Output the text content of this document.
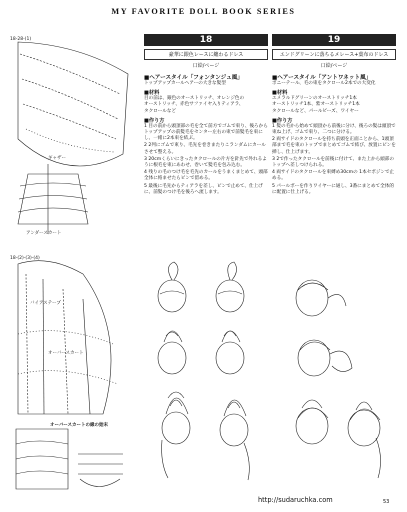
MY FAVORITE DOLL BOOK SERIES
18-28-(1)
18-(2)-(3)-(4)
ギャザー
アンダースカート
バイアステープ
オーバースカート
オーバースカートの縁の始末
18
豪華に銀色レースに纏わるドレス
口絵/ページ
■ヘアースタイル「フォンタンジュ風」
トップアップカールヘアーの大きな髪型
■材料
目の前は、銀色のオーストリッチ、オレンジ色の
オーストリッチ、赤色サファイヤ入りティアラ、
タクロールなど
■作り方
1 目の前から頭頂部の毛を全て前方でゴムで束り、後ろからトップアップの前髪毛をセンター左右の束で前髪毛を束にし、一緒に2本束を結ぶ。
2 2列にゴムで束り、毛先を巻きまたりこランダムにカールさせて整える。
3 20cmくらいにきったタクロールの片方を針先で外れるように根毛を束にあわせ、巻いて髪毛を包み込む。
4 残りの毛のつけ毛を毛先のカールをうまくまとめて、頭部全体に絡ませたらピンで留める。
5 最後に毛先からティアラを差し、ピンで止めて、仕上げに、前髪のつけ毛を後ろへ流します。
19
エンドグリーンに落ちるメレース+葉布のドレス
口絵/ページ
■ヘアースタイル「アントワネット風」
ポニーテール、毛の束をタクロール2本での大変化
■材料
エメラルドグリーンのオーストリッチ1本
オーストリッチ1本、紫オーストリッチ1本
タクロールなど、パールビーズ、ワイヤー
■作り方
1 髪の毛から始めて頭頂から前後に分け、後ろの髪は頭頂で束ね上げ、ゴムで束り、二つに分ける。
2 両サイドのタクロールを持ち前頭を正面ことから、1頭頂部まで毛を束のトップでまとめてゴムで結び、放置にピンを挿し、仕上げます。
3 2で作ったタクロールを前後に付けて、また上から頭部のトップへ差しつけられる。
4 両サイドのタクロールを束縛め30cmの 1本セポジンで止める。
5 パールボーを作りワイヤーに通し、3番にまとめて全体的に配置に仕上げる。
http://sudaruchka.com	53
